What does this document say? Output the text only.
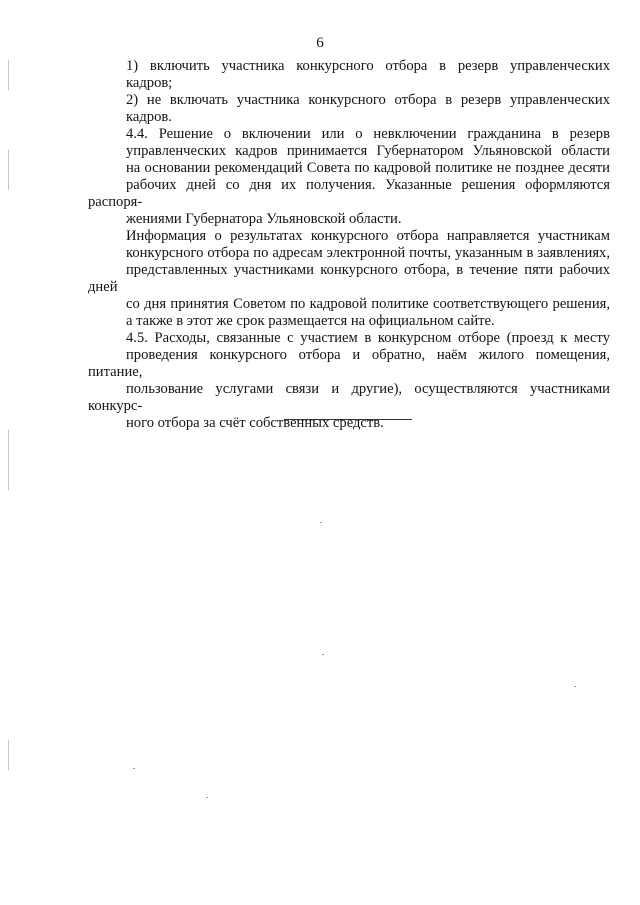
6

1) включить участника конкурсного отбора в резерв управленческих
кадров;

2) не включать участника конкурсного отбора в резерв управленческих
кадров.

4.4. Решение о включении или о невключении гражданина в резерв
управленческих кадров принимается Губернатором Ульяновской области
на основании рекомендаций Совета по кадровой политике не позднее десяти
рабочих дней со дня их получения. Указанные решения оформляются распоря-
жениями Губернатора Ульяновской области.

Информация о результатах конкурсного отбора направляется участникам
конкурсного отбора по адресам электронной почты, указанным в заявлениях,
представленных участниками конкурсного отбора, в течение пяти рабочих дней
со дня принятия Советом по кадровой политике соответствующего решения,
а также в этот же срок размещается на официальном сайте.

4.5. Расходы, связанные с участием в конкурсном отборе (проезд к месту
проведения конкурсного отбора и обратно, наём жилого помещения, питание,
пользование услугами связи и другие), осуществляются участниками конкурс-
ного отбора за счёт собственных средств.
